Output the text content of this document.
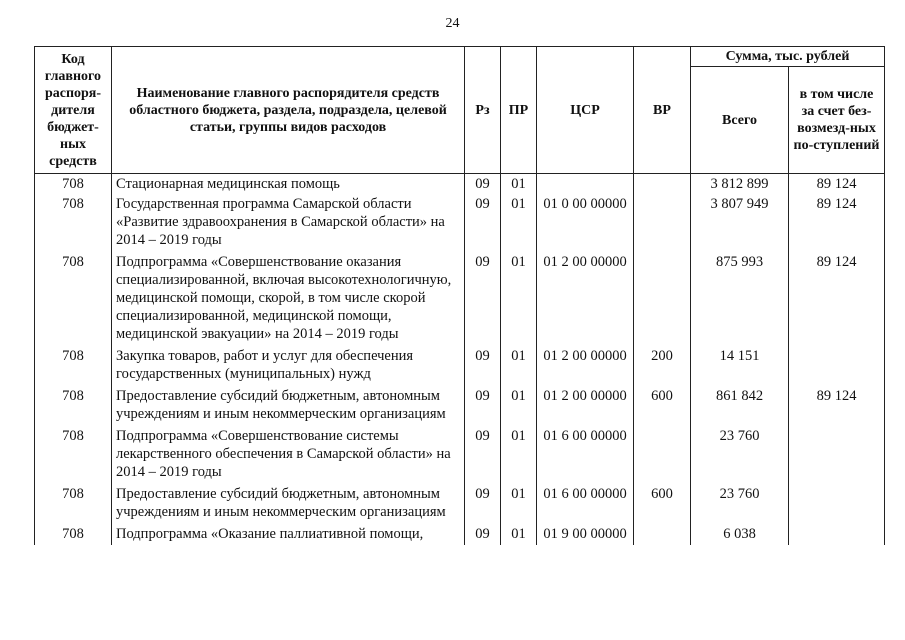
24
Код главного распоря-дителя бюджет-ных средств	Наименование главного распорядителя средств областного бюджета, раздела, подраздела, целевой статьи, группы видов расходов	Рз	ПР	ЦСР	ВР	Сумма, тыс. рублей	
						Всего	в том числе за счет без-возмезд-ных по-ступлений
708	Стационарная медицинская помощь	09	01			3 812 899	89 124
708	Государственная программа Самарской области «Развитие здравоохранения в Самарской области» на 2014 – 2019 годы	09	01	01 0 00 00000		3 807 949	89 124
708	Подпрограмма «Совершенствование оказания специализированной, включая высокотехнологичную, медицинской помощи, скорой, в том числе скорой специализированной, медицинской помощи, медицинской эвакуации» на 2014 – 2019 годы	09	01	01 2 00 00000		875 993	89 124
708	Закупка товаров, работ и услуг для обеспечения государственных (муниципальных) нужд	09	01	01 2 00 00000	200	14 151	
708	Предоставление субсидий бюджетным, автономным учреждениям и иным некоммерческим организациям	09	01	01 2 00 00000	600	861 842	89 124
708	Подпрограмма «Совершенствование системы лекарственного обеспечения в Самарской области» на 2014 – 2019 годы	09	01	01 6 00 00000		23 760	
708	Предоставление субсидий бюджетным, автономным учреждениям и иным некоммерческим организациям	09	01	01 6 00 00000	600	23 760	
708	Подпрограмма «Оказание паллиативной помощи,	09	01	01 9 00 00000		6 038	
